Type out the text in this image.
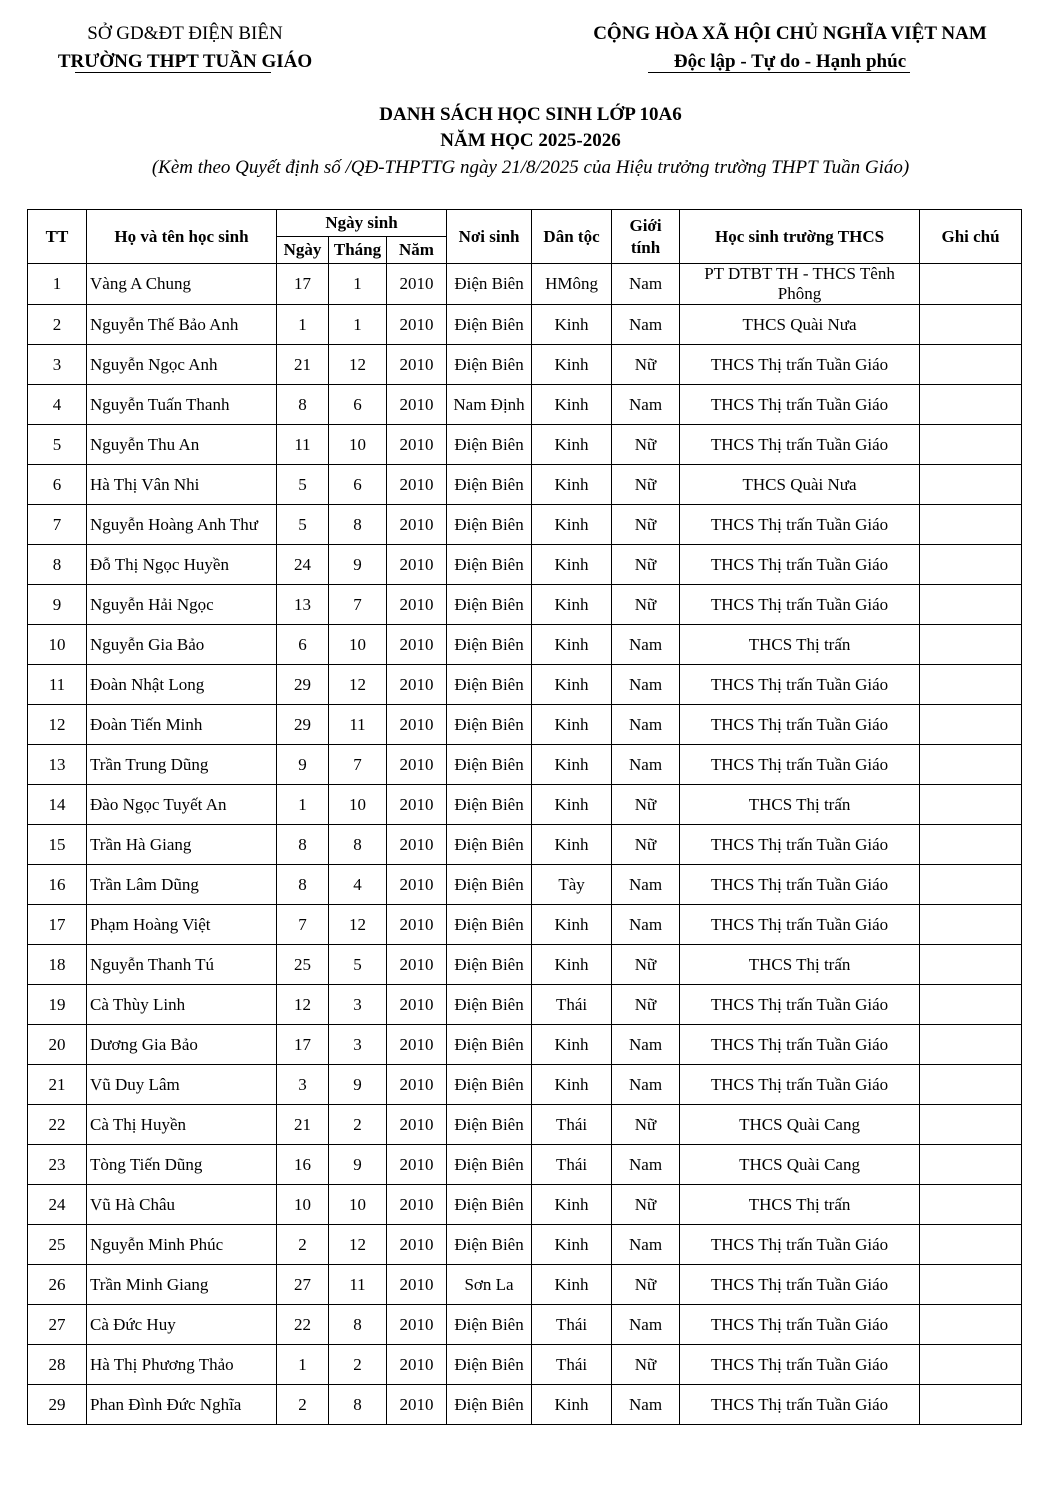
SỞ GD&ĐT ĐIỆN BIÊN
TRƯỜNG THPT TUẦN GIÁO
CỘNG HÒA XÃ HỘI CHỦ NGHĨA VIỆT NAM
Độc lập - Tự do - Hạnh phúc
DANH SÁCH HỌC SINH LỚP 10A6
NĂM HỌC 2025-2026
(Kèm theo Quyết định số /QĐ-THPTTG ngày 21/8/2025 của Hiệu trưởng trường THPT Tuần Giáo)
TT	Họ và tên học sinh	Ngày sinh			Nơi sinh	Dân tộc	Giới tính	Học sinh trường THCS	Ghi chú
		Ngày	Tháng	Năm					
1	Vàng A Chung	17	1	2010	Điện Biên	HMông	Nam	PT DTBT TH - THCS Tênh Phông	
2	Nguyễn Thế Bảo Anh	1	1	2010	Điện Biên	Kinh	Nam	THCS Quài Nưa	
3	Nguyễn Ngọc Anh	21	12	2010	Điện Biên	Kinh	Nữ	THCS Thị trấn Tuần Giáo	
4	Nguyễn Tuấn Thanh	8	6	2010	Nam Định	Kinh	Nam	THCS Thị trấn Tuần Giáo	
5	Nguyễn Thu An	11	10	2010	Điện Biên	Kinh	Nữ	THCS Thị trấn Tuần Giáo	
6	Hà Thị Vân Nhi	5	6	2010	Điện Biên	Kinh	Nữ	THCS Quài Nưa	
7	Nguyễn Hoàng Anh Thư	5	8	2010	Điện Biên	Kinh	Nữ	THCS Thị trấn Tuần Giáo	
8	Đỗ Thị Ngọc Huyền	24	9	2010	Điện Biên	Kinh	Nữ	THCS Thị trấn Tuần Giáo	
9	Nguyễn Hải Ngọc	13	7	2010	Điện Biên	Kinh	Nữ	THCS Thị trấn Tuần Giáo	
10	Nguyễn Gia Bảo	6	10	2010	Điện Biên	Kinh	Nam	THCS Thị trấn	
11	Đoàn Nhật Long	29	12	2010	Điện Biên	Kinh	Nam	THCS Thị trấn Tuần Giáo	
12	Đoàn Tiến Minh	29	11	2010	Điện Biên	Kinh	Nam	THCS Thị trấn Tuần Giáo	
13	Trần Trung Dũng	9	7	2010	Điện Biên	Kinh	Nam	THCS Thị trấn Tuần Giáo	
14	Đào Ngọc Tuyết An	1	10	2010	Điện Biên	Kinh	Nữ	THCS Thị trấn	
15	Trần Hà Giang	8	8	2010	Điện Biên	Kinh	Nữ	THCS Thị trấn Tuần Giáo	
16	Trần Lâm Dũng	8	4	2010	Điện Biên	Tày	Nam	THCS Thị trấn Tuần Giáo	
17	Phạm Hoàng Việt	7	12	2010	Điện Biên	Kinh	Nam	THCS Thị trấn Tuần Giáo	
18	Nguyễn Thanh Tú	25	5	2010	Điện Biên	Kinh	Nữ	THCS Thị trấn	
19	Cà Thùy Linh	12	3	2010	Điện Biên	Thái	Nữ	THCS Thị trấn Tuần Giáo	
20	Dương Gia Bảo	17	3	2010	Điện Biên	Kinh	Nam	THCS Thị trấn Tuần Giáo	
21	Vũ Duy Lâm	3	9	2010	Điện Biên	Kinh	Nam	THCS Thị trấn Tuần Giáo	
22	Cà Thị Huyền	21	2	2010	Điện Biên	Thái	Nữ	THCS Quài Cang	
23	Tòng Tiến Dũng	16	9	2010	Điện Biên	Thái	Nam	THCS Quài Cang	
24	Vũ Hà Châu	10	10	2010	Điện Biên	Kinh	Nữ	THCS Thị trấn	
25	Nguyễn Minh Phúc	2	12	2010	Điện Biên	Kinh	Nam	THCS Thị trấn Tuần Giáo	
26	Trần Minh Giang	27	11	2010	Sơn La	Kinh	Nữ	THCS Thị trấn Tuần Giáo	
27	Cà Đức Huy	22	8	2010	Điện Biên	Thái	Nam	THCS Thị trấn Tuần Giáo	
28	Hà Thị Phương Thảo	1	2	2010	Điện Biên	Thái	Nữ	THCS Thị trấn Tuần Giáo	
29	Phan Đình Đức Nghĩa	2	8	2010	Điện Biên	Kinh	Nam	THCS Thị trấn Tuần Giáo	
